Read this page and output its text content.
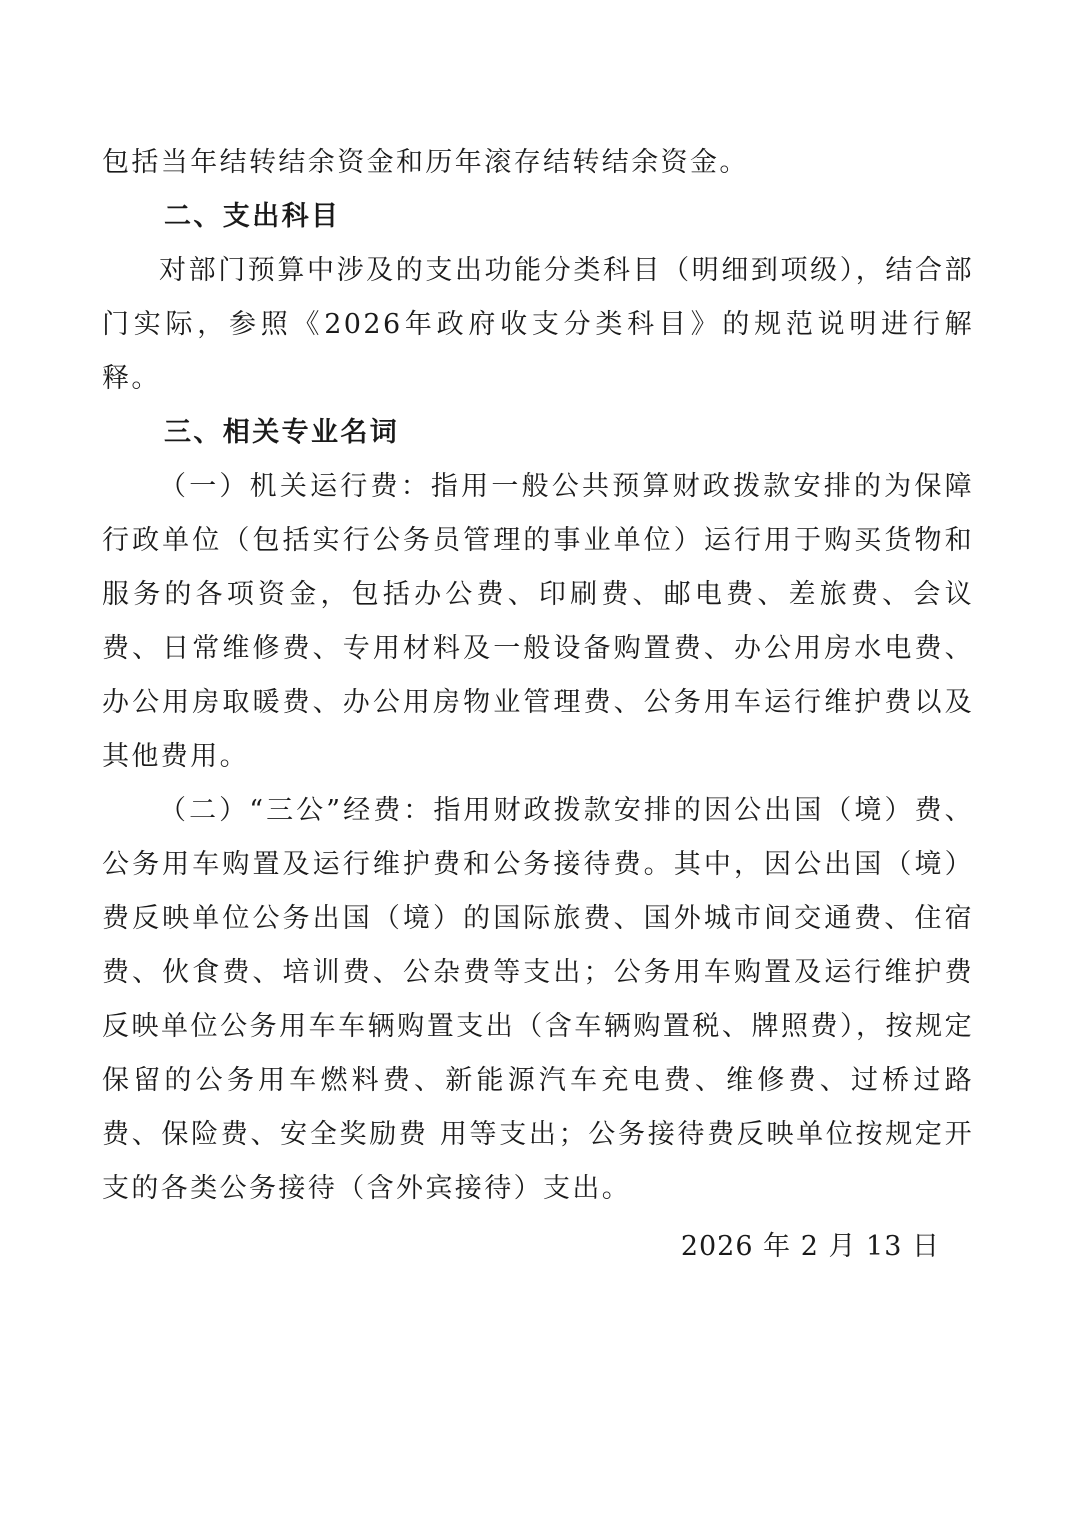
包括当年结转结余资金和历年滚存结转结余资金。

二、支出科目

对部门预算中涉及的支出功能分类科目（明细到项级），结合部门实际，参照《2026年政府收支分类科目》的规范说明进行解释。

三、相关专业名词

（一）机关运行费：指用一般公共预算财政拨款安排的为保障行政单位（包括实行公务员管理的事业单位）运行用于购买货物和服务的各项资金，包括办公费、印刷费、邮电费、差旅费、会议费、日常维修费、专用材料及一般设备购置费、办公用房水电费、办公用房取暖费、办公用房物业管理费、公务用车运行维护费以及其他费用。

（二）“三公”经费：指用财政拨款安排的因公出国（境）费、公务用车购置及运行维护费和公务接待费。其中，因公出国（境）费反映单位公务出国（境）的国际旅费、国外城市间交通费、住宿费、伙食费、培训费、公杂费等支出；公务用车购置及运行维护费反映单位公务用车车辆购置支出（含车辆购置税、牌照费），按规定保留的公务用车燃料费、新能源汽车充电费、维修费、过桥过路费、保险费、安全奖励费 用等支出；公务接待费反映单位按规定开支的各类公务接待（含外宾接待）支出。

2026 年 2 月 13 日
